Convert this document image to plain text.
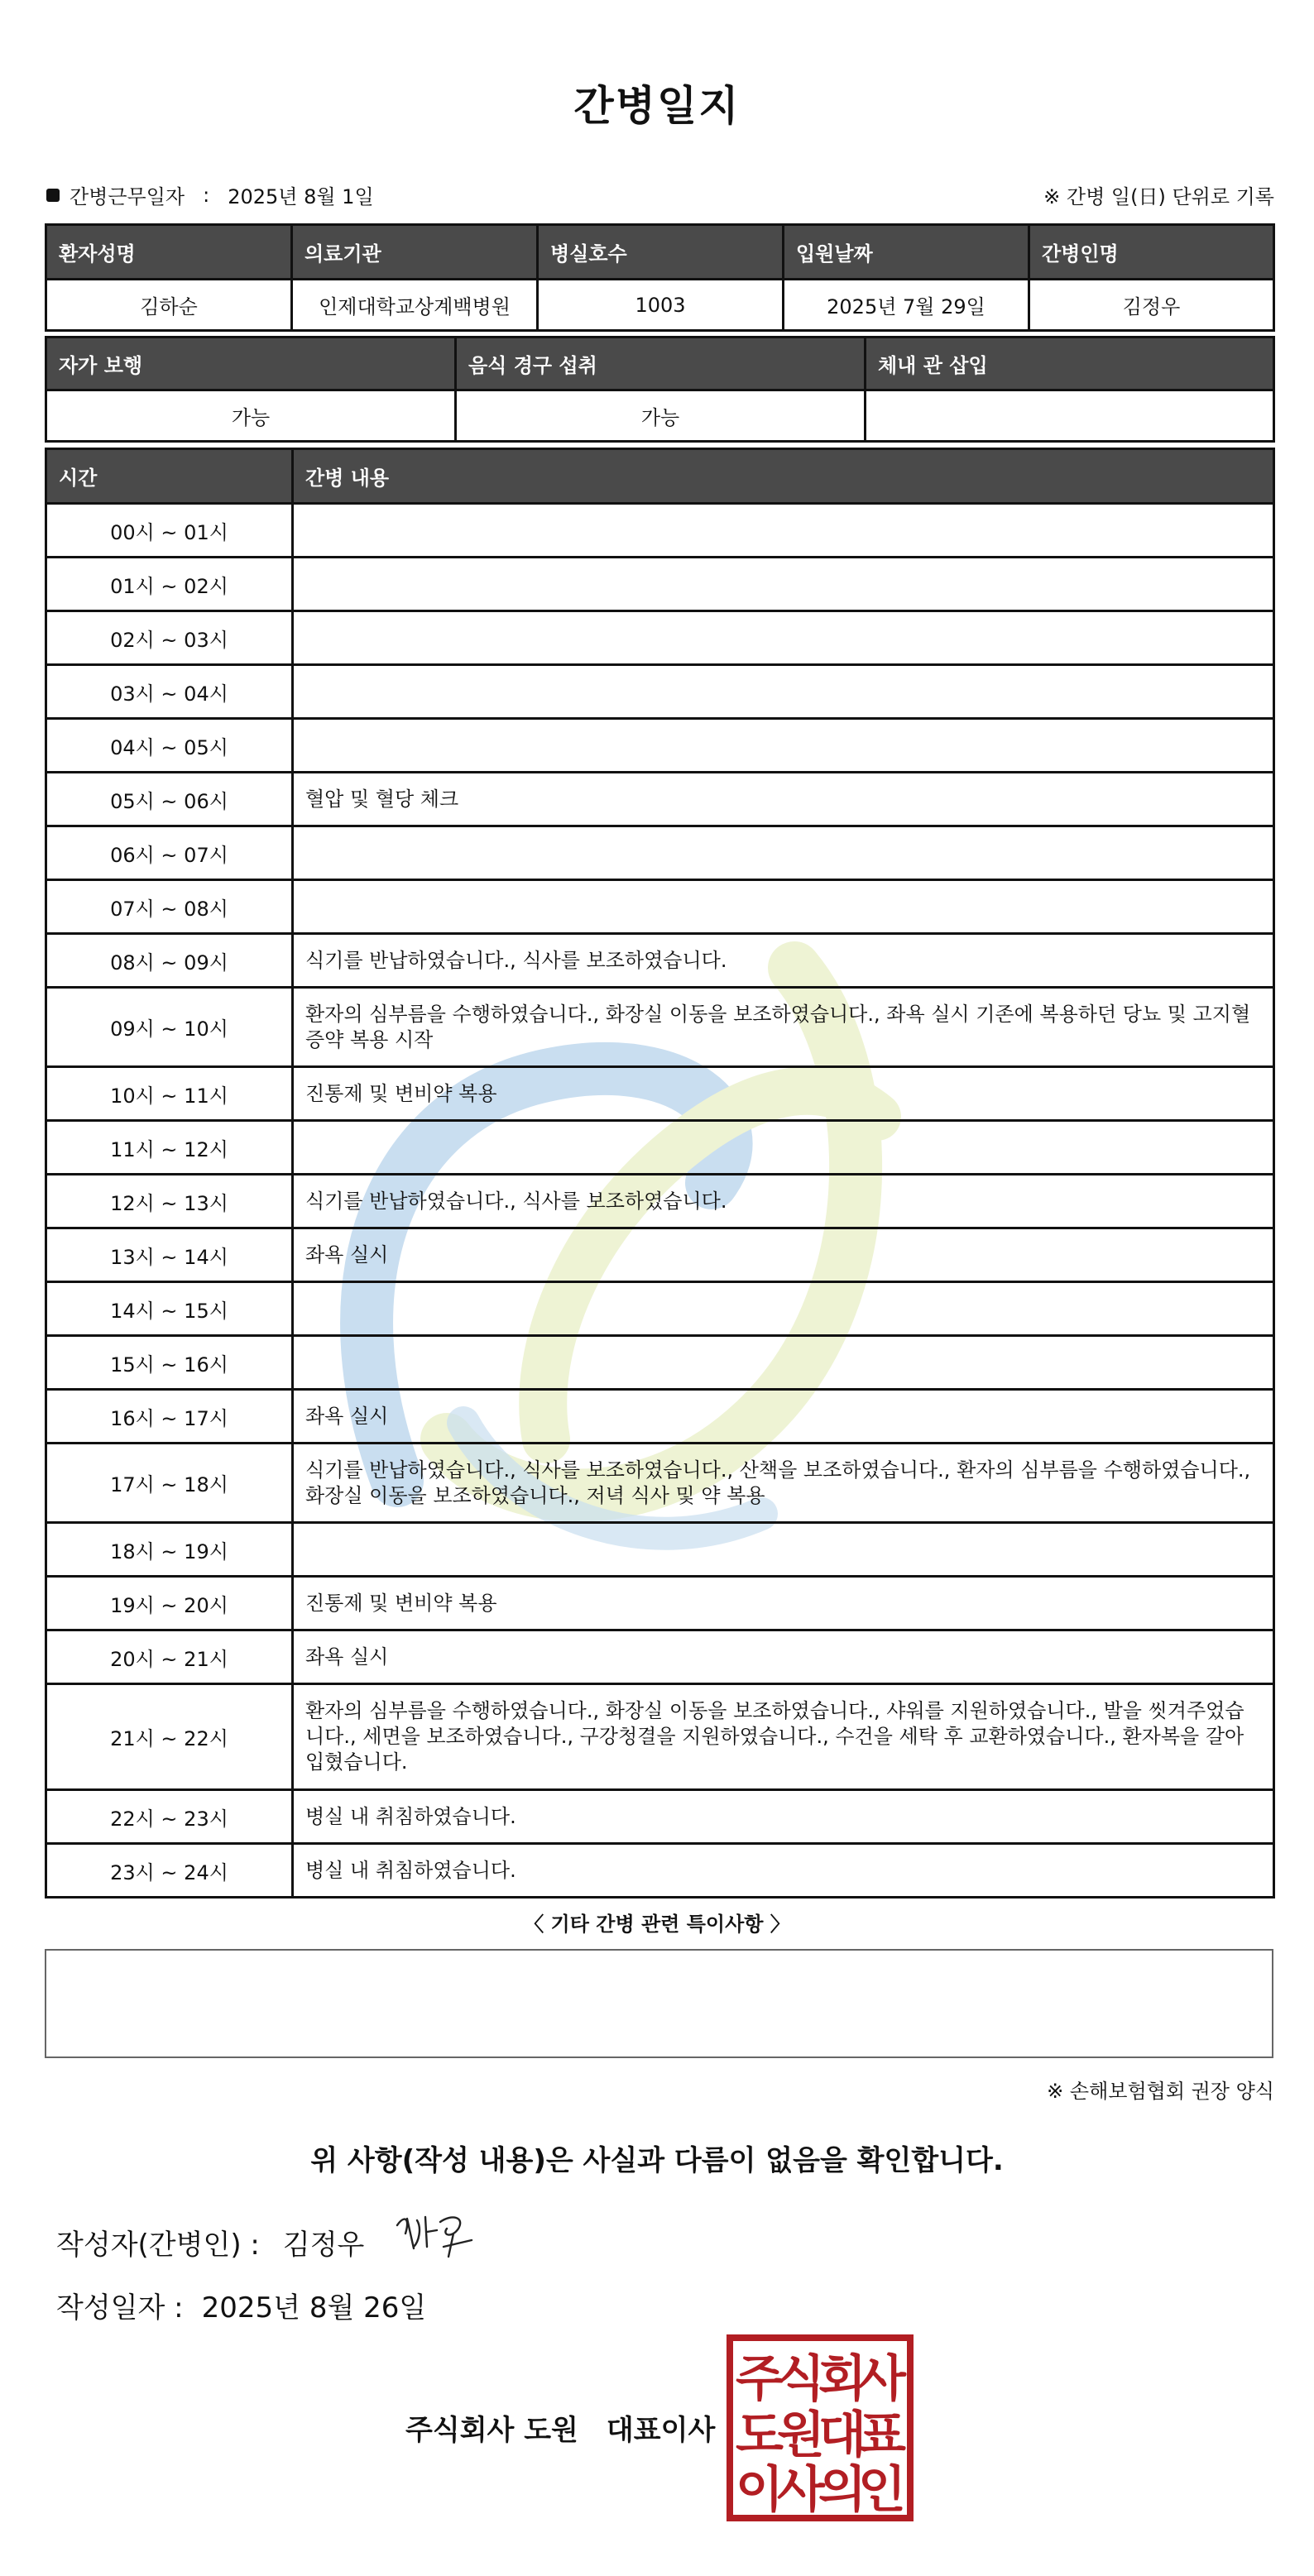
간병일지
간병근무일자 : 2025년 8월 1일	※ 간병 일(日) 단위로 기록
환자성명	의료기관	병실호수	입원날짜	간병인명
김하순	인제대학교상계백병원	1003	2025년 7월 29일	김정우
자가 보행	음식 경구 섭취	체내 관 삽입
가능	가능	
시간	간병 내용
00시 ~ 01시	
01시 ~ 02시	
02시 ~ 03시	
03시 ~ 04시	
04시 ~ 05시	
05시 ~ 06시	혈압 및 혈당 체크
06시 ~ 07시	
07시 ~ 08시	
08시 ~ 09시	식기를 반납하였습니다., 식사를 보조하였습니다.
09시 ~ 10시	환자의 심부름을 수행하였습니다., 화장실 이동을 보조하였습니다., 좌욕 실시 기존에 복용하던 당뇨 및 고지혈증약 복용 시작
10시 ~ 11시	진통제 및 변비약 복용
11시 ~ 12시	
12시 ~ 13시	식기를 반납하였습니다., 식사를 보조하였습니다.
13시 ~ 14시	좌욕 실시
14시 ~ 15시	
15시 ~ 16시	
16시 ~ 17시	좌욕 실시
17시 ~ 18시	식기를 반납하였습니다., 식사를 보조하였습니다., 산책을 보조하였습니다., 환자의 심부름을 수행하였습니다., 화장실 이동을 보조하였습니다., 저녁 식사 및 약 복용
18시 ~ 19시	
19시 ~ 20시	진통제 및 변비약 복용
20시 ~ 21시	좌욕 실시
21시 ~ 22시	환자의 심부름을 수행하였습니다., 화장실 이동을 보조하였습니다., 샤워를 지원하였습니다., 발을 씻겨주었습니다., 세면을 보조하였습니다., 구강청결을 지원하였습니다., 수건을 세탁 후 교환하였습니다., 환자복을 갈아입혔습니다.
22시 ~ 23시	병실 내 취침하였습니다.
23시 ~ 24시	병실 내 취침하였습니다.
〈 기타 간병 관련 특이사항 〉
※ 손해보험협회 권장 양식
위 사항(작성 내용)은 사실과 다름이 없음을 확인합니다.
작성자(간병인) : 김정우
작성일자 : 2025년 8월 26일
주식회사 도원 대표이사
주
식
회
사
도
원
대
표
이
사
의
인
